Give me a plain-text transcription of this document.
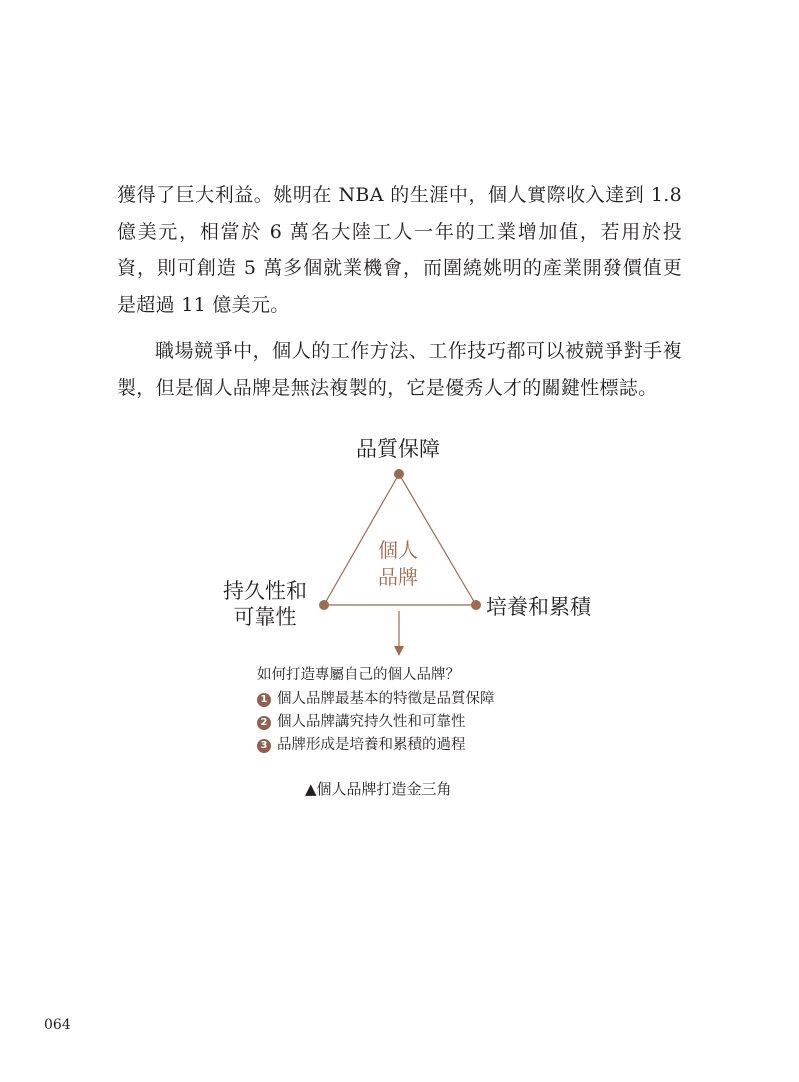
獲得了巨大利益。姚明在 NBA 的生涯中，個人實際收入達到 1.8 億美元，相當於 6 萬名大陸工人一年的工業增加值，若用於投資，則可創造 5 萬多個就業機會，而圍繞姚明的產業開發價值更是超過 11 億美元。

職場競爭中，個人的工作方法、工作技巧都可以被競爭對手複製，但是個人品牌是無法複製的，它是優秀人才的關鍵性標誌。

品質保障
持久性和
可靠性	培養和累積
個人
品牌
如何打造專屬自己的個人品牌？
1 個人品牌最基本的特徵是品質保障
2 個人品牌講究持久性和可靠性
3 品牌形成是培養和累積的過程
▲個人品牌打造金三角
064
